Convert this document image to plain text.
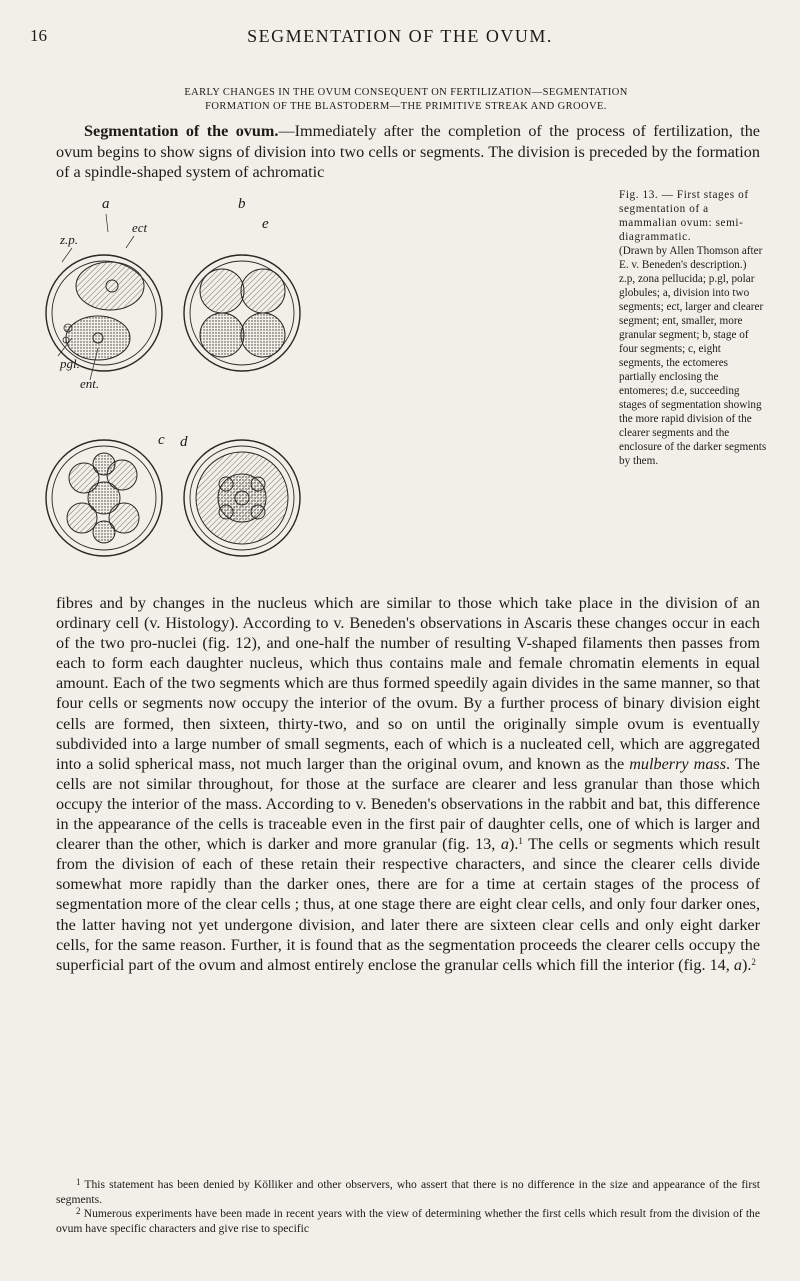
16	SEGMENTATION OF THE OVUM.
EARLY CHANGES IN THE OVUM CONSEQUENT ON FERTILIZATION—SEGMENTATION
FORMATION OF THE BLASTODERM—THE PRIMITIVE STREAK AND GROOVE.

Segmentation of the ovum.—Immediately after the completion of the process of fertilization, the ovum begins to show signs of division into two cells or segments. The division is preceded by the formation of a spindle-shaped system of achromatic

a	b
c d
e
z.p.
ect
pgl.
ent.
Fig. 13. — First stages of segmentation of a mammalian ovum: semi-diagrammatic.
(Drawn by Allen Thomson after E. v. Beneden's description.)
z.p, zona pellucida; p.gl, polar globules; a, division into two segments; ect, larger and clearer segment; ent, smaller, more granular segment; b, stage of four segments; c, eight segments, the ectomeres partially enclosing the entomeres; d.e, succeeding stages of segmentation showing the more rapid division of the clearer segments and the enclosure of the darker segments by them.

fibres and by changes in the nucleus which are similar to those which take place in the division of an ordinary cell (v. Histology). According to v. Beneden's observations in Ascaris these changes occur in each of the two pro-nuclei (fig. 12), and one-half the number of resulting V-shaped filaments then passes from each to form each daughter nucleus, which thus contains male and female chromatin elements in equal amount. Each of the two segments which are thus formed speedily again divides in the same manner, so that four cells or segments now occupy the interior of the ovum. By a further process of binary division eight cells are formed, then sixteen, thirty-two, and so on until the originally simple ovum is eventually subdivided into a large number of small segments, each of which is a nucleated cell, which are aggregated into a solid spherical mass, not much larger than the original ovum, and known as the mulberry mass. The cells are not similar throughout, for those at the surface are clearer and less granular than those which occupy the interior of the mass. According to v. Beneden's observations in the rabbit and bat, this difference in the appearance of the cells is traceable even in the first pair of daughter cells, one of which is larger and clearer than the other, which is darker and more granular (fig. 13, a).$^1$ The cells or segments which result from the division of each of these retain their respective characters, and since the clearer cells divide somewhat more rapidly than the darker ones, there are for a time at certain stages of the process of segmentation more of the clear cells ; thus, at one stage there are eight clear cells, and only four darker ones, the latter having not yet undergone division, and later there are sixteen clear cells and only eight darker cells, for the same reason. Further, it is found that as the segmentation proceeds the clearer cells occupy the superficial part of the ovum and almost entirely enclose the granular cells which fill the interior (fig. 14, a).$^2$

$^1$ This statement has been denied by Kölliker and other observers, who assert that there is no difference in the size and appearance of the first segments.

$^2$ Numerous experiments have been made in recent years with the view of determining whether the first cells which result from the division of the ovum have specific characters and give rise to specific
